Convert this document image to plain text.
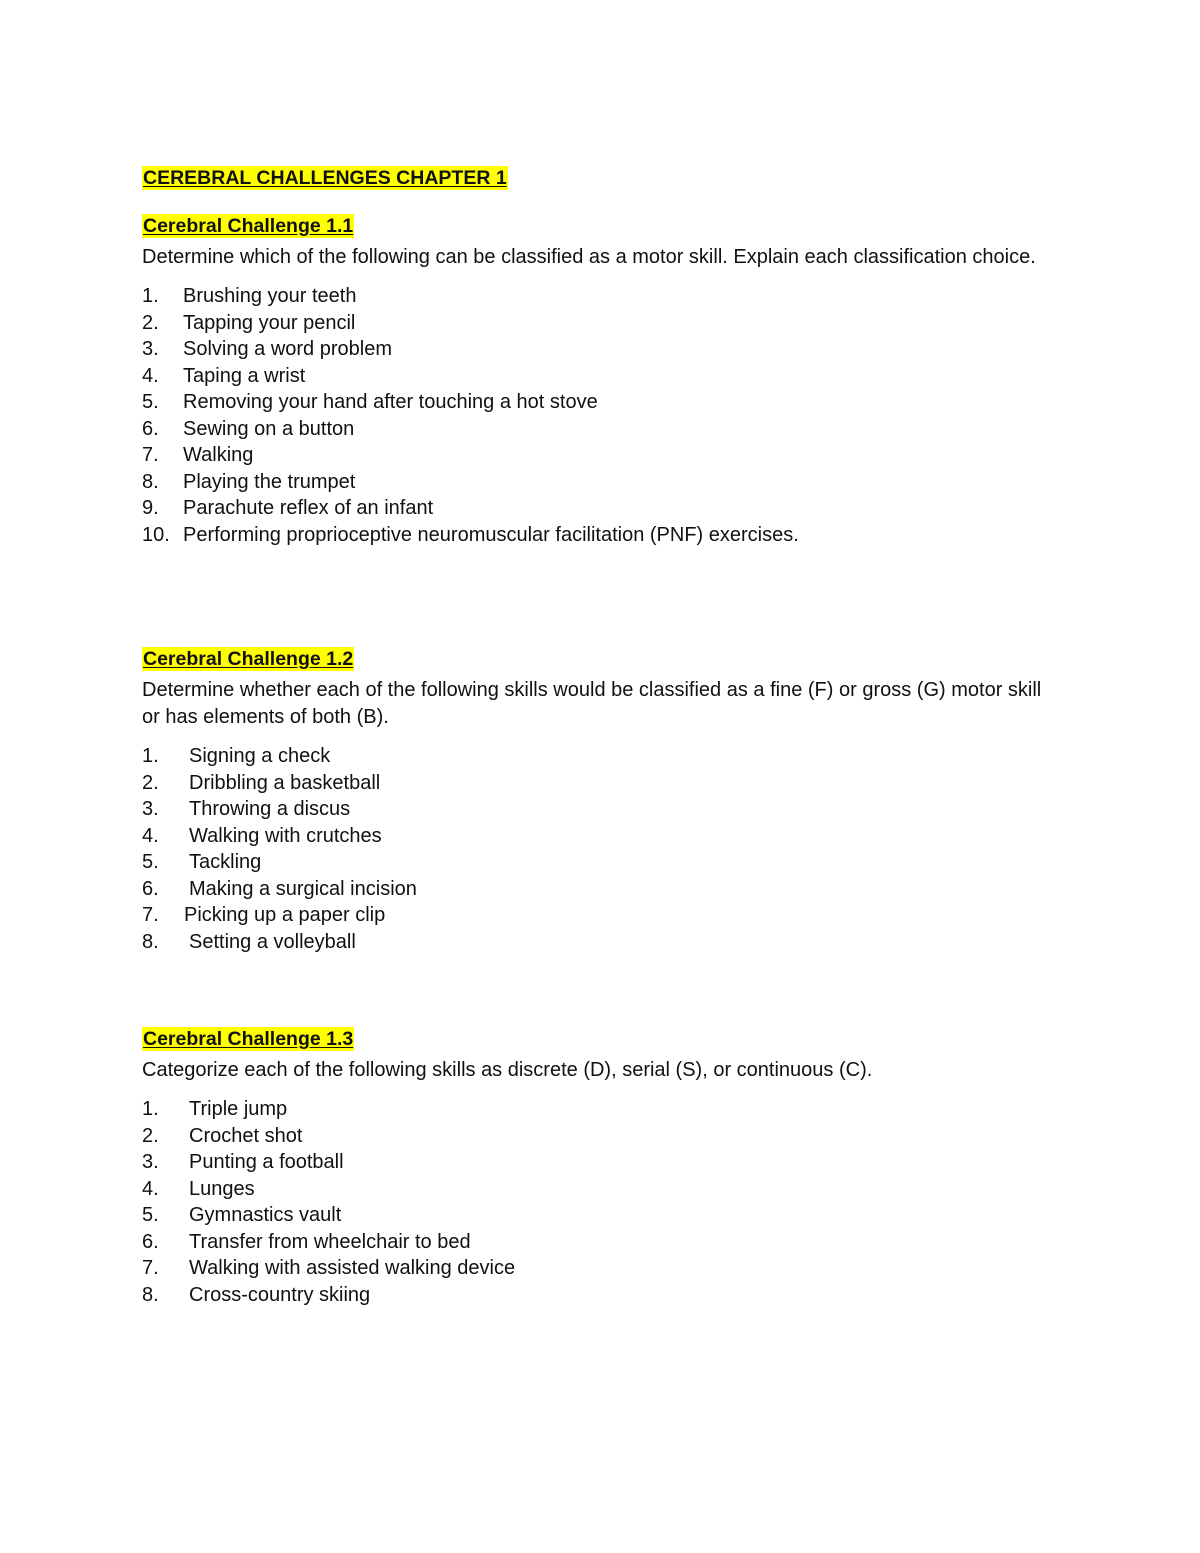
CEREBRAL CHALLENGES CHAPTER 1
Cerebral Challenge 1.1

Determine which of the following can be classified as a motor skill. Explain each classification choice.

1.	Brushing your teeth
2.	Tapping your pencil
3.	Solving a word problem
4.	Taping a wrist
5.	Removing your hand after touching a hot stove
6.	Sewing on a button
7.	Walking
8.	Playing the trumpet
9.	Parachute reflex of an infant
10. Performing proprioceptive neuromuscular facilitation (PNF) exercises.
Cerebral Challenge 1.2

Determine whether each of the following skills would be classified as a fine (F) or gross (G) motor skill or has elements of both (B).

1.	Signing a check
2.	Dribbling a basketball
3.	Throwing a discus
4.	Walking with crutches
5.	Tackling
6.	Making a surgical incision
7.	Picking up a paper clip
8.	Setting a volleyball
Cerebral Challenge 1.3

Categorize each of the following skills as discrete (D), serial (S), or continuous (C).

1.	Triple jump
2.	Crochet shot
3.	Punting a football
4.	Lunges
5.	Gymnastics vault
6.	Transfer from wheelchair to bed
7.	Walking with assisted walking device
8.	Cross-country skiing
